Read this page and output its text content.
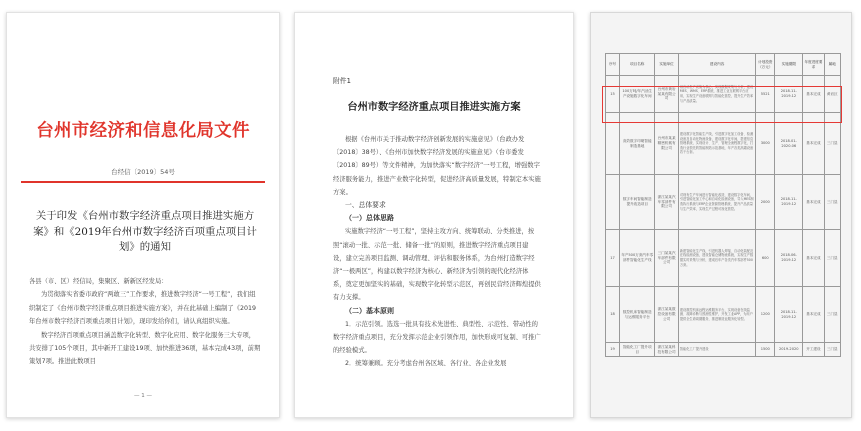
台州市经济和信息化局文件
台经信〔2019〕54号
关于印发《台州市数字经济重点项目推进实施方案》和《2019年台州市数字经济百项重点项目计划》的通知

各县（市、区）经信局，集聚区、新新区经发局：

为贯彻落实省委市政府“两敢三”工作要求，推进数字经济“一号工程”，我们组织制定了《台州市数字经济重点项目推进实施方案》，并在此基础上编制了《2019年台州市数字经济百项重点项目计划》，现印发给你们，请认真组织实施。

数字经济百项重点项目涵盖数字化转型、数字化应用、数字化服务三大专项，共安排了105个项目，其中新开工建设19项、加快推进36项，基本完成43项，前期策划7项。推进此数项目

— 1 —
附件1
台州市数字经济重点项目推进实施方案

根据《台州市关于推动数字经济创新发展的实施意见》（台政办发〔2018〕38号）、《台州市加快数字经济发展的实施意见》（台市委发〔2018〕89号）等文件精神，为加快落实“数字经济”一号工程，增强数字经济服务能力，推进产业数字化转型，促进经济高质量发展，特制定本实施方案。

一、总体要求

（一）总体思路

实施数字经济“一号工程”，坚持主攻方向、统筹联动、分类推进，按照“滚动一批、示范一批、储备一批”的原则，推进数字经济重点项目建设，建立完善项目监测、调动管理、评估和服务体系，为台州打造数字经济“一极两区”，构建以数字经济为核心、新经济为引领的现代化经济体系，奠定更加坚实的基础，实现数字化转型示范区，再创民营经济辉煌提供有力支撑。

（二）基本原则

1．示范引领。选选一批具有技术先进性、典型性、示范性、带动性的数字经济重点项目，充分发挥示范企业引领作用，加快形成可复制、可推广的经验模式。

2．统筹兼顾。充分考虑台州各区域、各行业、各企业发展

序号	项目名称	实施单位	建设内容	计划投资（万元）	实施期限	年度进度要求	属地
15	100万吨/年汽油生产设施数字化车间	台州市黄岩某某有限公司	以自动生产设施为核心，实现数据采集与分析，建设MES、WMS、ERP系统，推进工业互联网平台应用，实现生产设备联网与智能化管控，提升生产效率与产品质量。	5521	2018.11-2019.12	基本完成	黄岩区
	高效数字印刷智能制造基地	台州市某某精密机械有限公司	建设数字化智能生产线，引进数字化加工设备、检测设备及自动化物流设备，建设数字化车间，搭建信息管理系统，实现设计、生产、管理全流程数字化，打造行业领先的智能制造示范基地，年产各类高端设备若干台套。	3000	2018.01-2020.06	基本完成	三门县
	数字车间智能制造提升改造项目	浙江某某汽车零部件有限公司	对现有生产车间进行智能化改造，建设数字化车间，引进智能化加工中心和自动化检测设备，导入MES制造执行系统与ERP企业资源管理系统，提升产品质量与生产效率，实现生产过程可视化管控。	2000	2018.11-2019.12	基本完成	三门县
17	年产500万套汽车零部件智能化生产线	三门某某汽车部件有限公司	新建智能化生产线，引进机器人焊接、自动化装配及在线检测设备，建设智能仓储物流系统，实现生产数据实时采集与分析，建成后年产各类汽车零部件500万套。	600	2018.06-2019.12	基本完成	三门县
18	数控机床智能制造与运维服务平台	浙江某某数控设备有限公司	建设数控机床远程运维服务平台，实现设备在线监测、故障诊断与预测性维护，开发工业APP，为用户提供全生命周期服务，推进制造业服务化转型。	1200	2018.11-2019.12	基本完成	三门县
19	智能化工厂提升项目	浙江某某科技有限公司	智能化工厂提升建设	1500	2019-2020	开工建设	三门县
